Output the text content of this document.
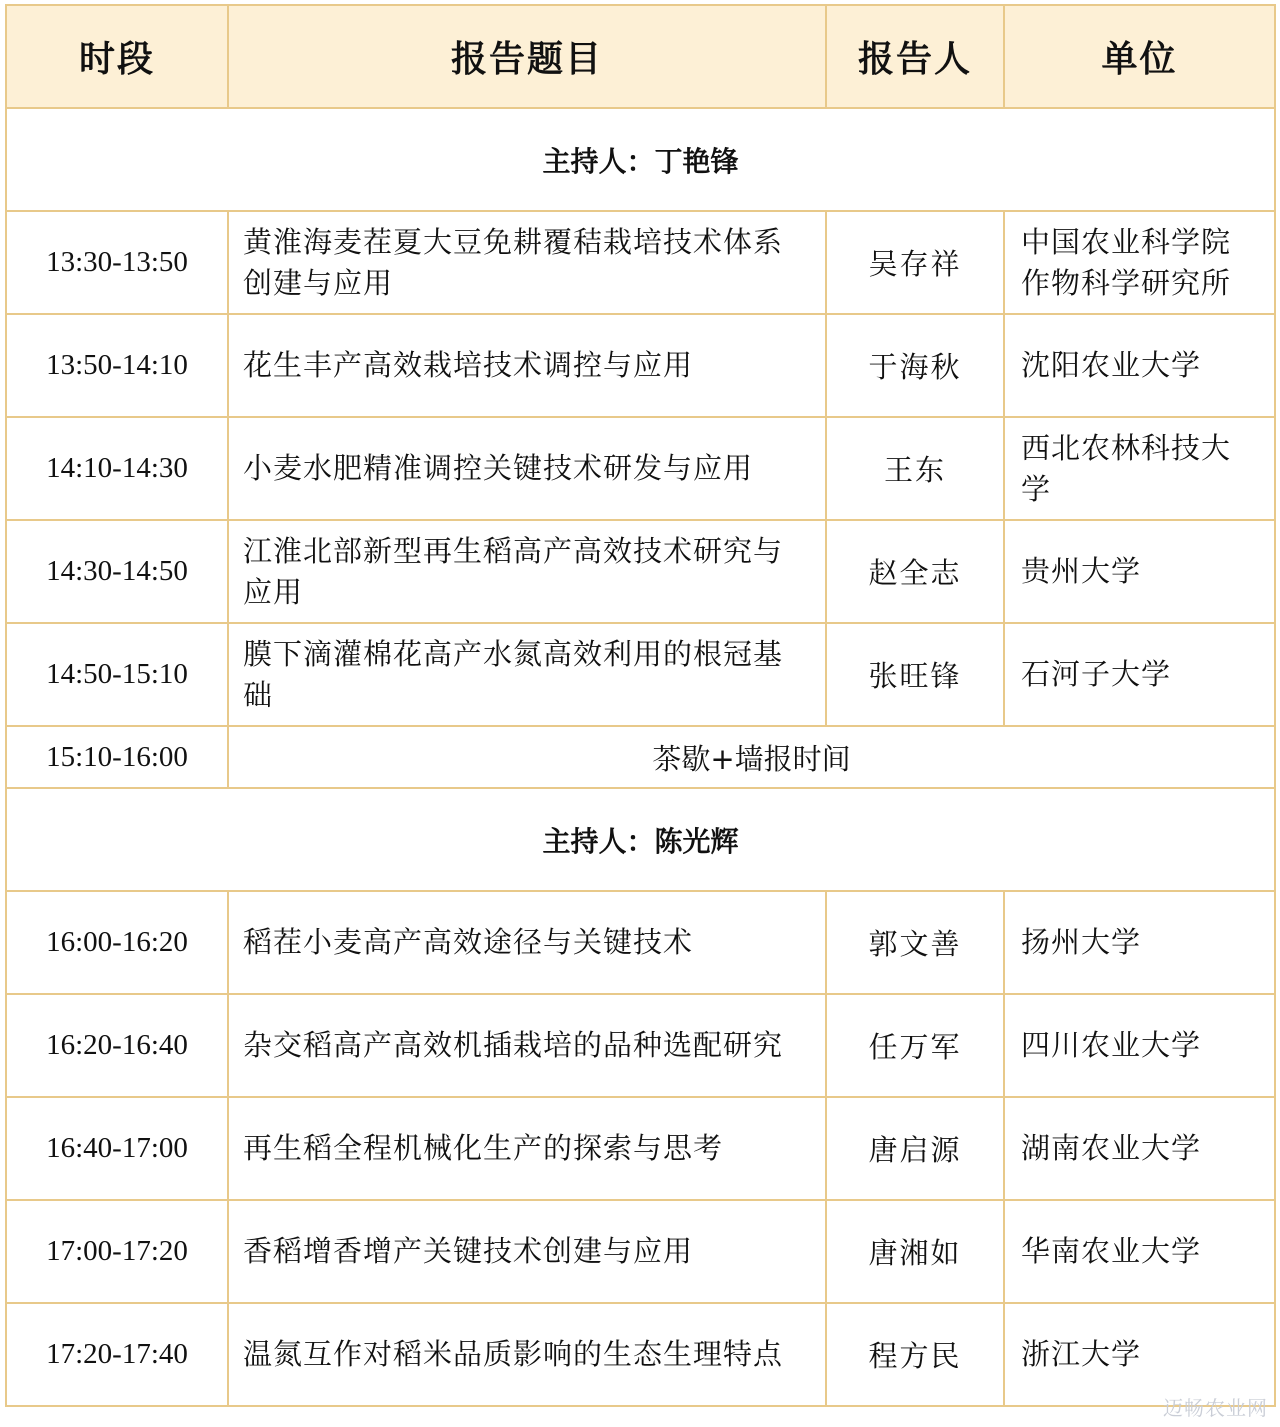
时段	报告题目	报告人	单位
主持人：丁艳锋			
13:30-13:50	黄淮海麦茬夏大豆免耕覆秸栽培技术体系创建与应用	吴存祥	中国农业科学院作物科学研究所
13:50-14:10	花生丰产高效栽培技术调控与应用	于海秋	沈阳农业大学
14:10-14:30	小麦水肥精准调控关键技术研发与应用	王东	西北农林科技大学
14:30-14:50	江淮北部新型再生稻高产高效技术研究与应用	赵全志	贵州大学
14:50-15:10	膜下滴灌棉花高产水氮高效利用的根冠基础	张旺锋	石河子大学
15:10-16:00	茶歇+墙报时间		
主持人：陈光辉			
16:00-16:20	稻茬小麦高产高效途径与关键技术	郭文善	扬州大学
16:20-16:40	杂交稻高产高效机插栽培的品种选配研究	任万军	四川农业大学
16:40-17:00	再生稻全程机械化生产的探索与思考	唐启源	湖南农业大学
17:00-17:20	香稻增香增产关键技术创建与应用	唐湘如	华南农业大学
17:20-17:40	温氮互作对稻米品质影响的生态生理特点	程方民	浙江大学
迈畅农业网
